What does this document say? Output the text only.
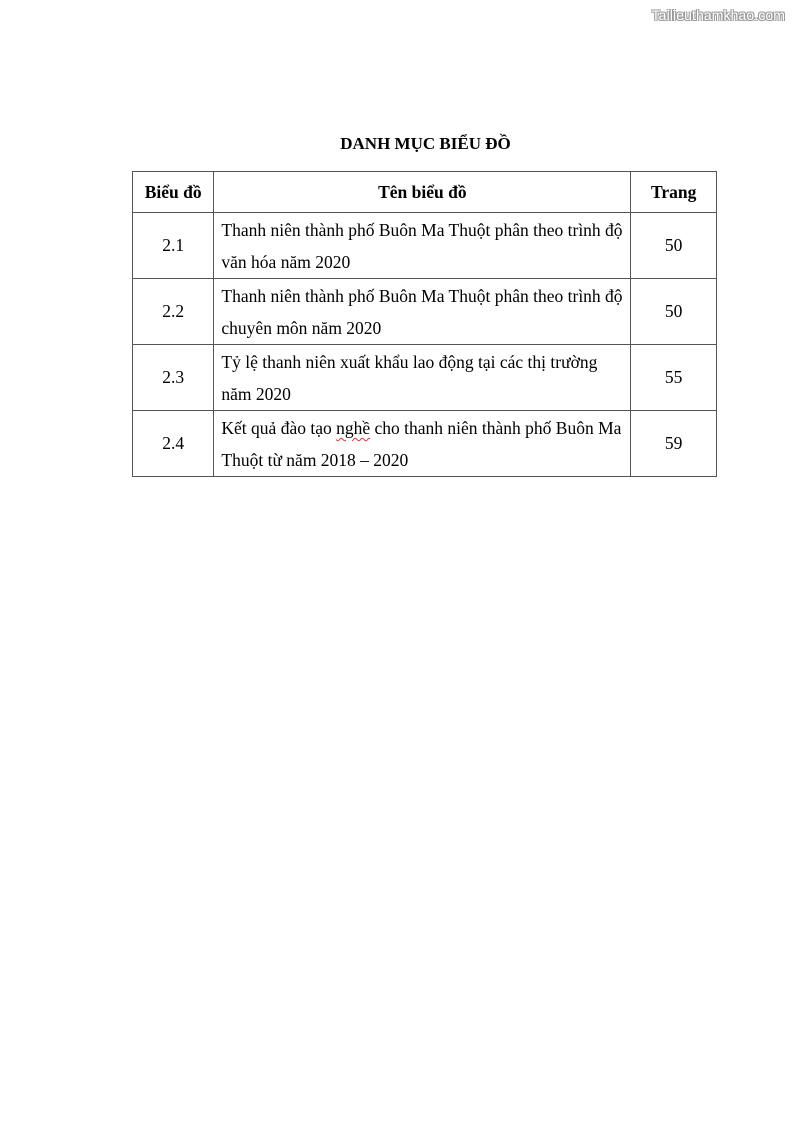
Tailieuthamkhao.com
DANH MỤC BIỂU ĐỒ
Biểu đồ	Tên biểu đồ	Trang
2.1	Thanh niên thành phố Buôn Ma Thuột phân theo trình độ văn hóa năm 2020	50
2.2	Thanh niên thành phố Buôn Ma Thuột phân theo trình độ chuyên môn năm 2020	50
2.3	Tỷ lệ thanh niên xuất khẩu lao động tại các thị trường năm 2020	55
2.4	Kết quả đào tạo nghề cho thanh niên thành phố Buôn Ma Thuột từ năm 2018 – 2020	59
